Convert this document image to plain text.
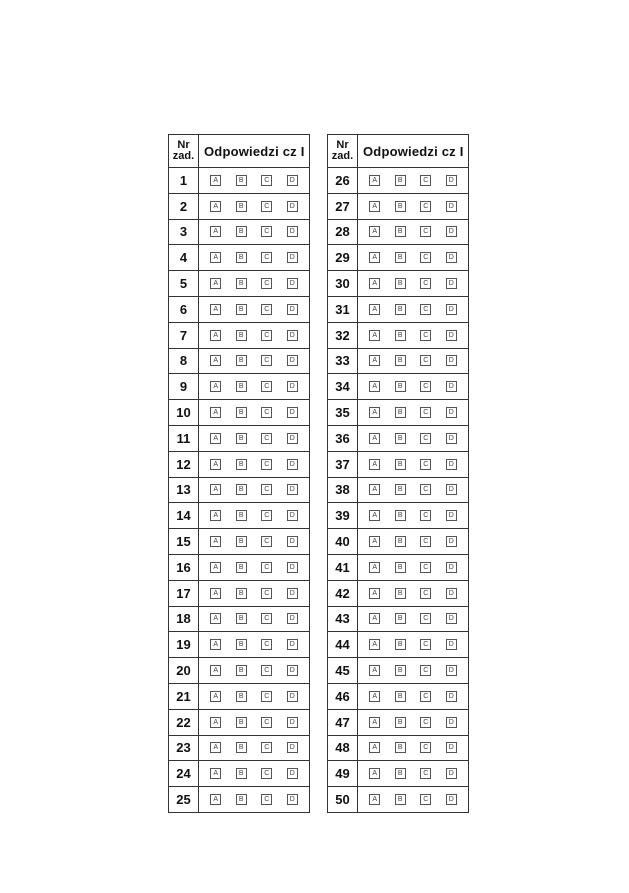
Nr
zad.	Odpowiedzi cz I
1	A B C D

2	A B C D

3	A B C D

4	A B C D

5	A B C D

6	A B C D

7	A B C D

8	A B C D

9	A B C D

10	A B C D

11	A B C D

12	A B C D

13	A B C D

14	A B C D

15	A B C D

16	A B C D

17	A B C D

18	A B C D

19	A B C D

20	A B C D

21	A B C D

22	A B C D

23	A B C D

24	A B C D

25	A B C D
Nr
zad.	Odpowiedzi cz I
26	A B C D

27	A B C D

28	A B C D

29	A B C D

30	A B C D

31	A B C D

32	A B C D

33	A B C D

34	A B C D

35	A B C D

36	A B C D

37	A B C D

38	A B C D

39	A B C D

40	A B C D

41	A B C D

42	A B C D

43	A B C D

44	A B C D

45	A B C D

46	A B C D

47	A B C D

48	A B C D

49	A B C D

50	A B C D
